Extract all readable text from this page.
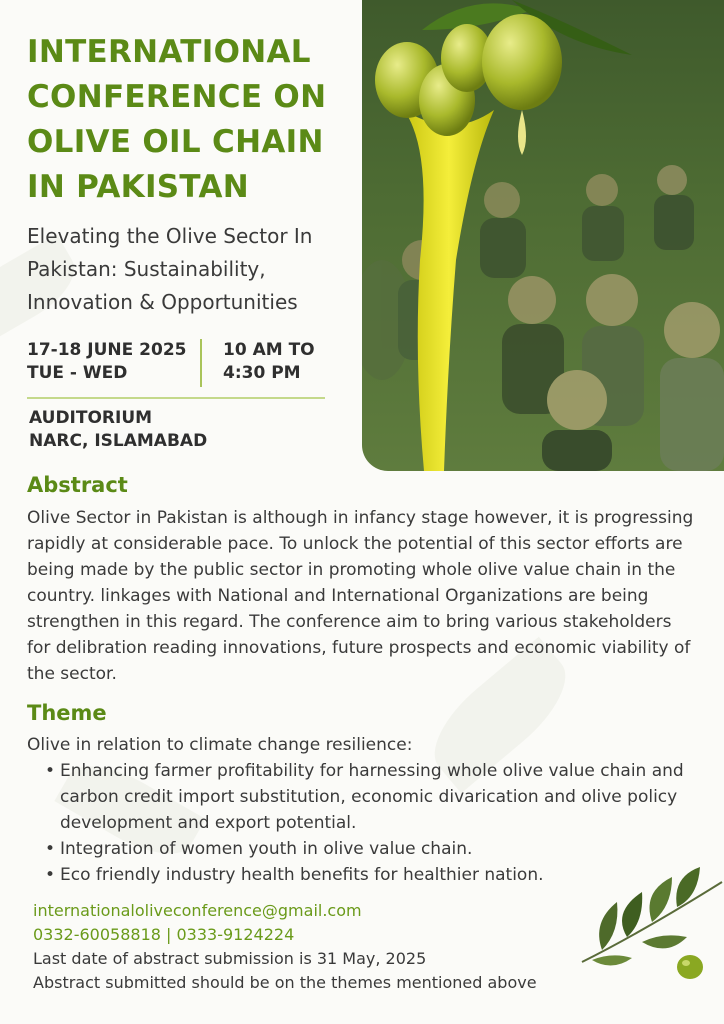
INTERNATIONAL CONFERENCE ON OLIVE OIL CHAIN IN PAKISTAN

Elevating the Olive Sector In Pakistan: Sustainability, Innovation & Opportunities

17-18 JUNE 2025
TUE - WED
10 AM TO
4:30 PM
AUDITORIUM
NARC, ISLAMABAD
Abstract

Olive Sector in Pakistan is although in infancy stage however, it is progressing rapidly at considerable pace. To unlock the potential of this sector efforts are being made by the public sector in promoting whole olive value chain in the country. linkages with National and International Organizations are being strengthen in this regard. The conference aim to bring various stakeholders for delibration reading innovations, future prospects and economic viability of the sector.

Theme

Olive in relation to climate change resilience:

• Enhancing farmer profitability for harnessing whole olive value chain and carbon credit import substitution, economic divarication and olive policy development and export potential.
• Integration of women youth in olive value chain.
• Eco friendly industry health benefits for healthier nation.
internationaloliveconference@gmail.com
0332-60058818 | 0333-9124224
Last date of abstract submission is 31 May, 2025
Abstract submitted should be on the themes mentioned above
